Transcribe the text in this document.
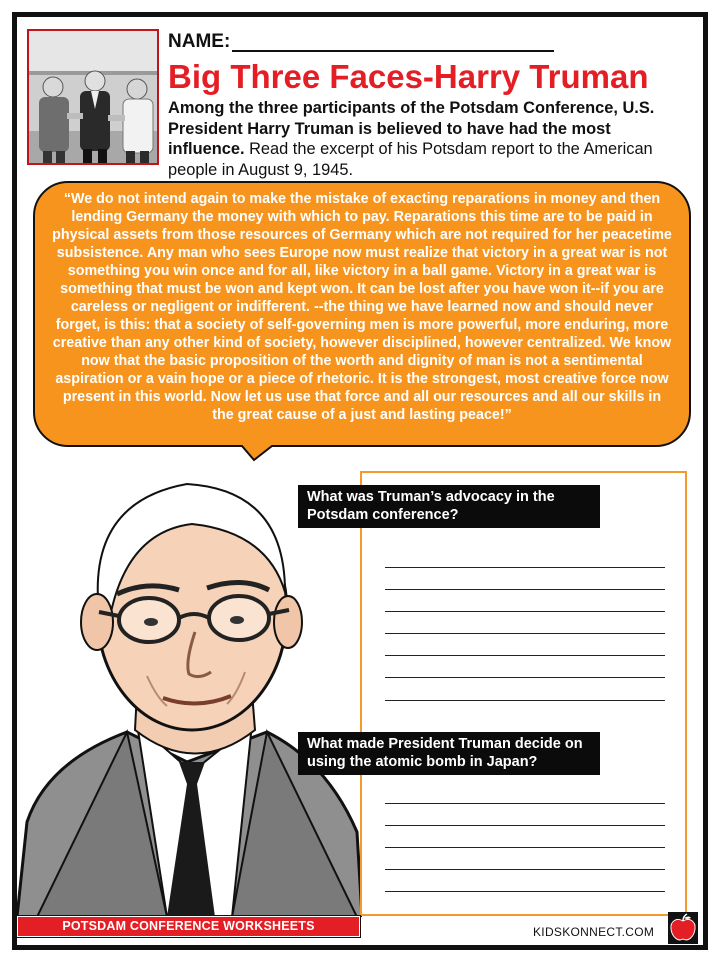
NAME:
Big Three Faces-Harry Truman
Among the three participants of the Potsdam Conference, U.S. President Harry Truman is believed to have had the most influence. Read the excerpt of his Potsdam report to the American people in August 9, 1945.
“We do not intend again to make the mistake of exacting reparations in money and then lending Germany the money with which to pay. Reparations this time are to be paid in physical assets from those resources of Germany which are not required for her peacetime subsistence. Any man who sees Europe now must realize that victory in a great war is not something you win once and for all, like victory in a ball game. Victory in a great war is something that must be won and kept won. It can be lost after you have won it--if you are careless or negligent or indifferent. --the thing we have learned now and should never forget, is this: that a society of self-governing men is more powerful, more enduring, more creative than any other kind of society, however disciplined, however centralized. We know now that the basic proposition of the worth and dignity of man is not a sentimental aspiration or a vain hope or a piece of rhetoric. It is the strongest, most creative force now present in this world. Now let us use that force and all our resources and all our skills in the great cause of a just and lasting peace!”
What was Truman’s advocacy in the Potsdam conference?
What made President Truman decide on using the atomic bomb in Japan?
POTSDAM CONFERENCE WORKSHEETS	KIDSKONNECT.COM
